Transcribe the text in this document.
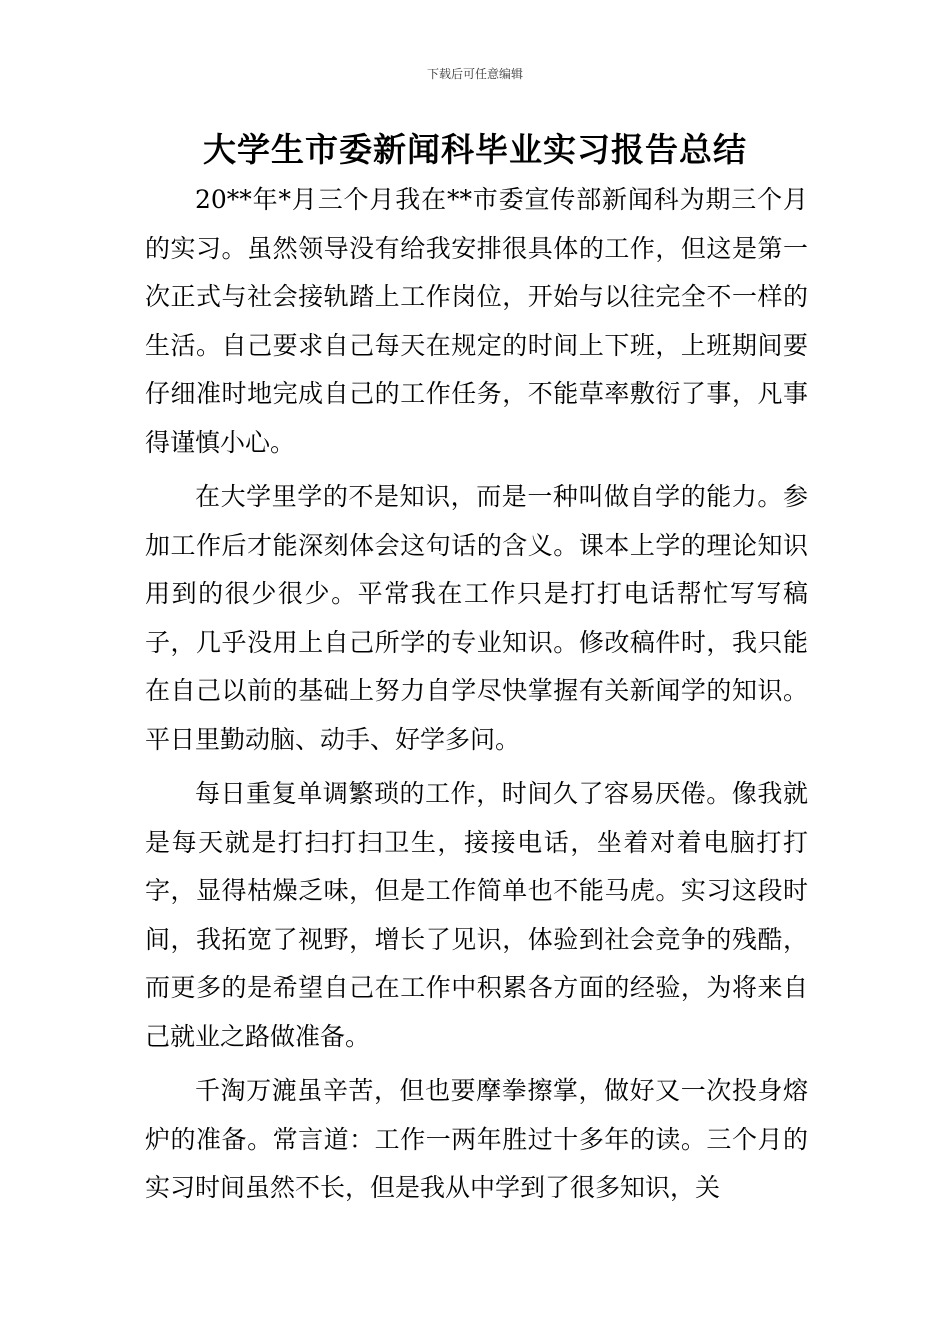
下载后可任意编辑
大学生市委新闻科毕业实习报告总结

20**年*月三个月我在**市委宣传部新闻科为期三个月的实习。虽然领导没有给我安排很具体的工作，但这是第一次正式与社会接轨踏上工作岗位，开始与以往完全不一样的生活。自己要求自己每天在规定的时间上下班，上班期间要仔细准时地完成自己的工作任务，不能草率敷衍了事，凡事得谨慎小心。

在大学里学的不是知识，而是一种叫做自学的能力。参加工作后才能深刻体会这句话的含义。课本上学的理论知识用到的很少很少。平常我在工作只是打打电话帮忙写写稿子，几乎没用上自己所学的专业知识。修改稿件时，我只能在自己以前的基础上努力自学尽快掌握有关新闻学的知识。平日里勤动脑、动手、好学多问。

每日重复单调繁琐的工作，时间久了容易厌倦。像我就是每天就是打扫打扫卫生，接接电话，坐着对着电脑打打字，显得枯燥乏味，但是工作简单也不能马虎。实习这段时间，我拓宽了视野，增长了见识，体验到社会竞争的残酷，而更多的是希望自己在工作中积累各方面的经验，为将来自己就业之路做准备。

千淘万漉虽辛苦，但也要摩拳擦掌，做好又一次投身熔炉的准备。常言道：工作一两年胜过十多年的读。三个月的实习时间虽然不长，但是我从中学到了很多知识，关
